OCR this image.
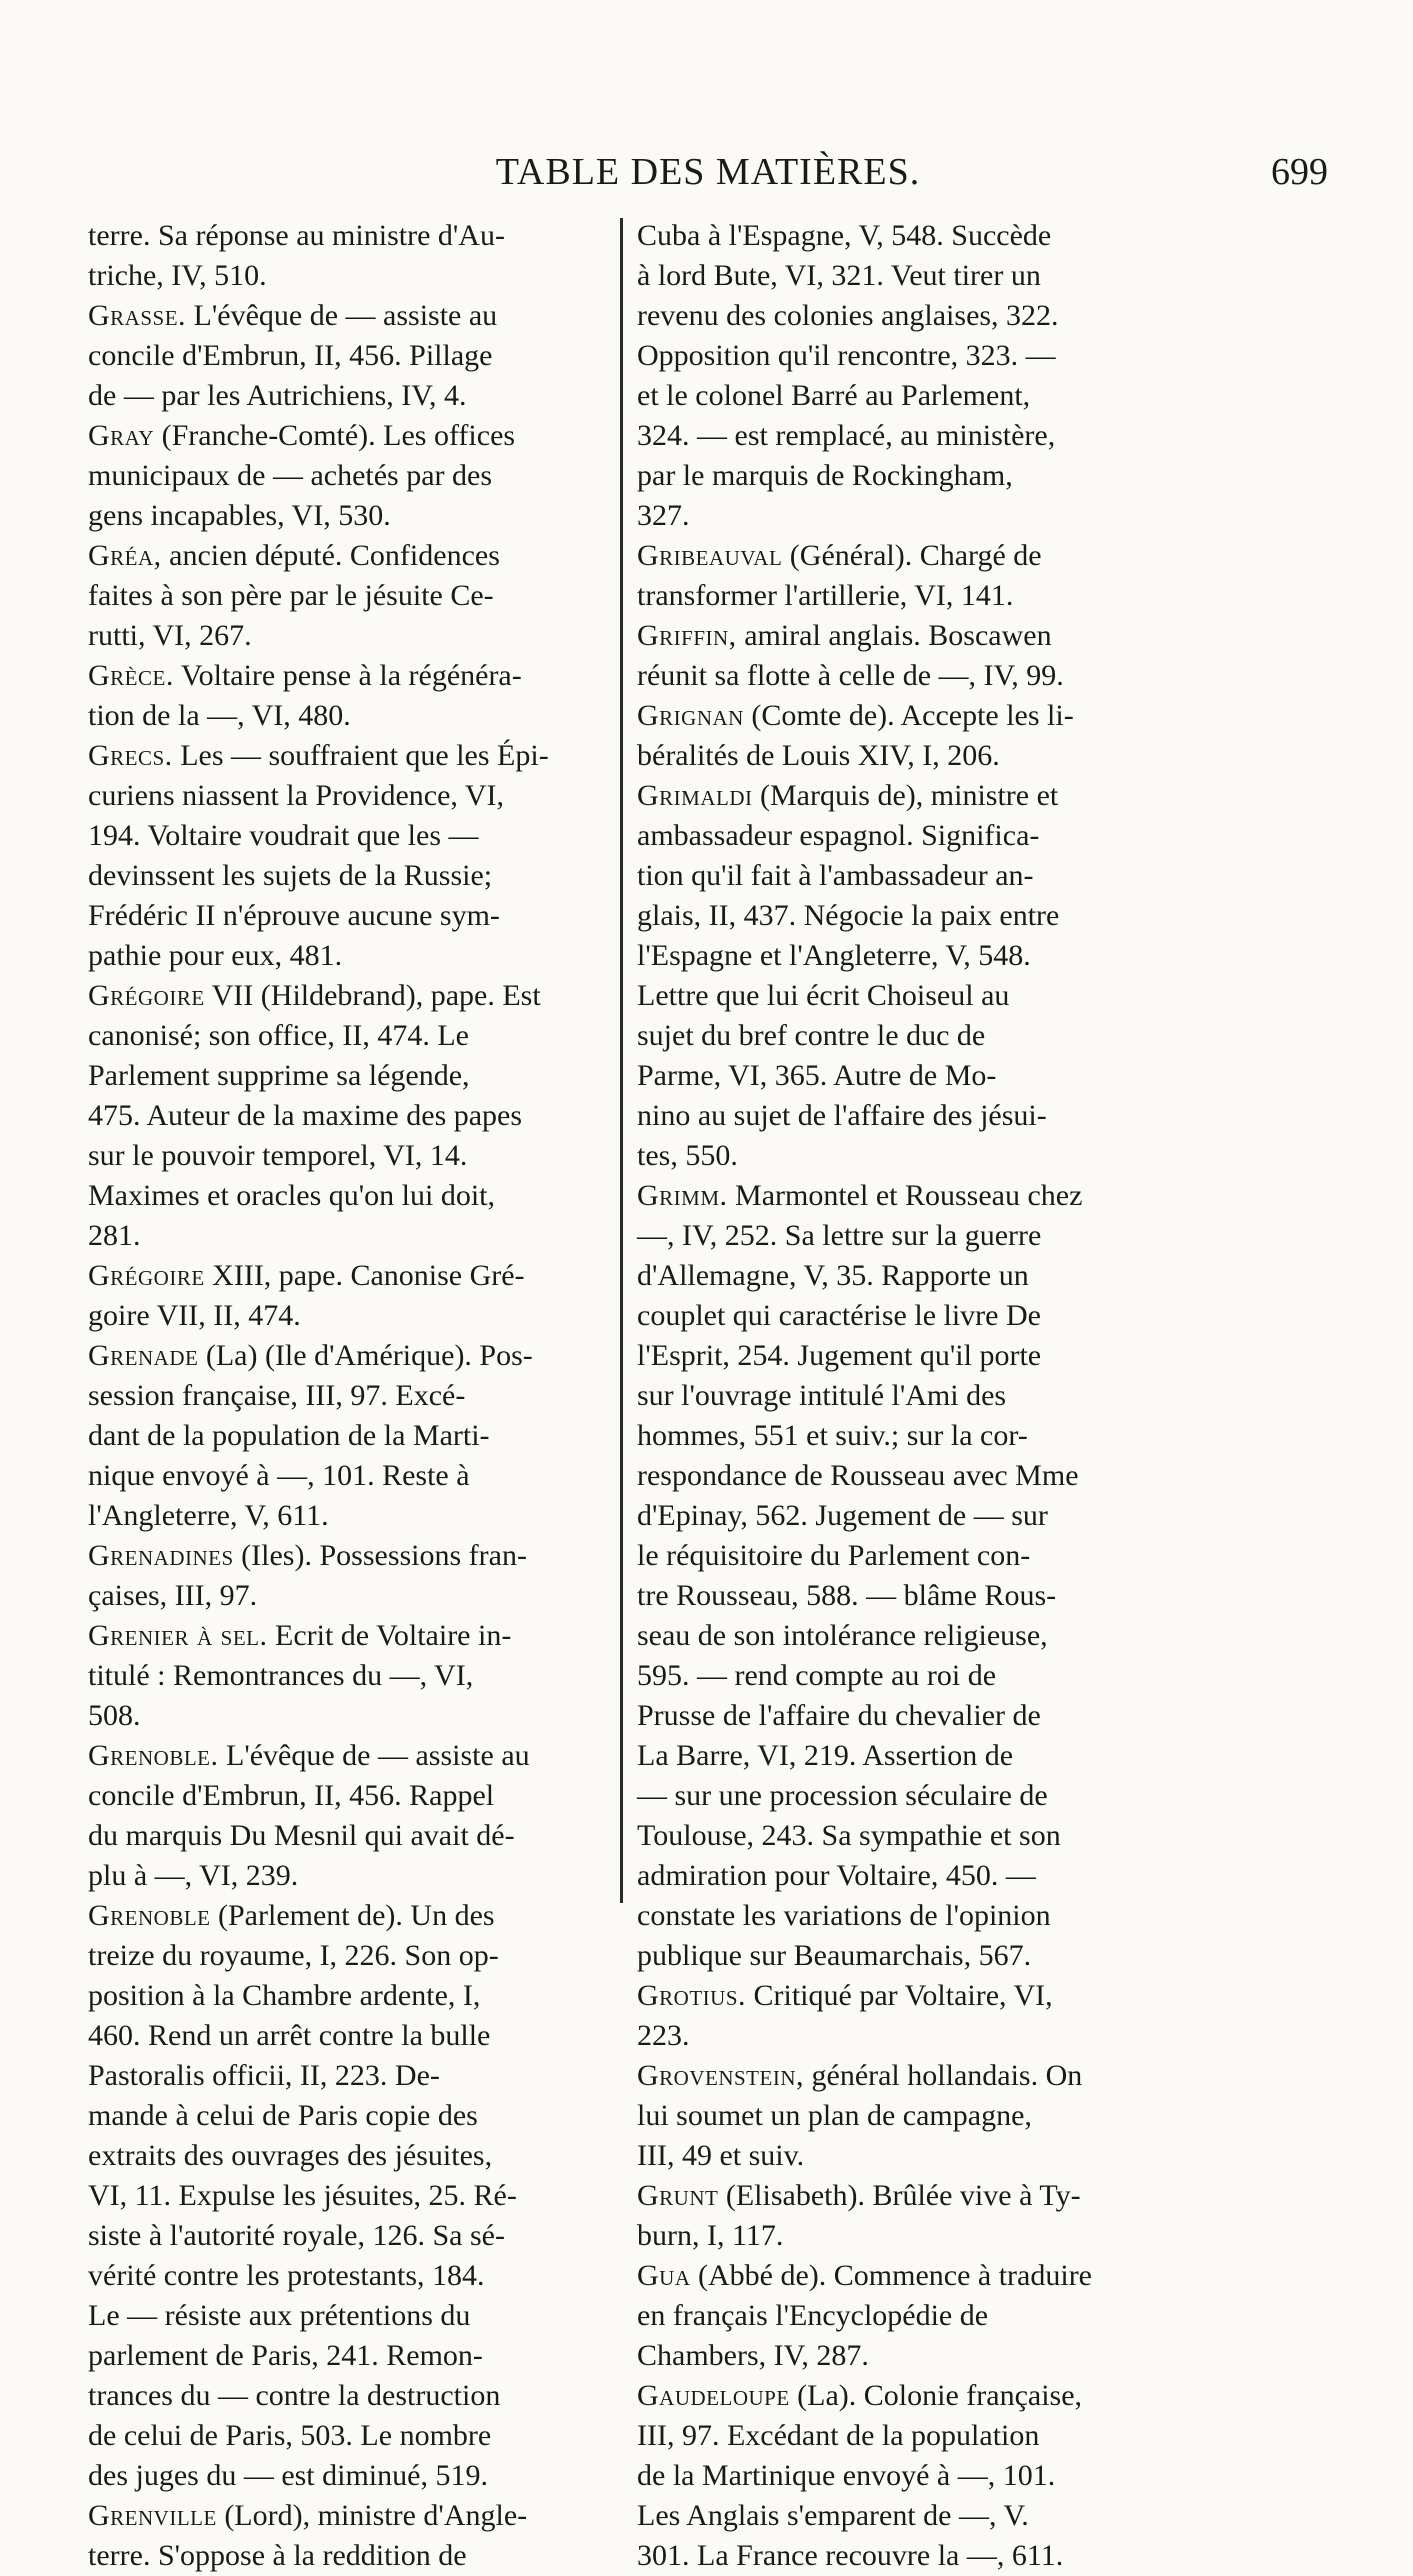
TABLE DES MATIÈRES.	699
terre. Sa réponse au ministre d'Au-
triche, IV, 510.
Grasse. L'évêque de — assiste au
concile d'Embrun, II, 456. Pillage
de — par les Autrichiens, IV, 4.
Gray (Franche-Comté). Les offices
municipaux de — achetés par des
gens incapables, VI, 530.
Gréa, ancien député. Confidences
faites à son père par le jésuite Ce-
rutti, VI, 267.
Grèce. Voltaire pense à la régénéra-
tion de la —, VI, 480.
Grecs. Les — souffraient que les Épi-
curiens niassent la Providence, VI,
194. Voltaire voudrait que les —
devinssent les sujets de la Russie;
Frédéric II n'éprouve aucune sym-
pathie pour eux, 481.
Grégoire VII (Hildebrand), pape. Est
canonisé; son office, II, 474. Le
Parlement supprime sa légende,
475. Auteur de la maxime des papes
sur le pouvoir temporel, VI, 14.
Maximes et oracles qu'on lui doit,
281.
Grégoire XIII, pape. Canonise Gré-
goire VII, II, 474.
Grenade (La) (Ile d'Amérique). Pos-
session française, III, 97. Excé-
dant de la population de la Marti-
nique envoyé à —, 101. Reste à
l'Angleterre, V, 611.
Grenadines (Iles). Possessions fran-
çaises, III, 97.
Grenier à sel. Ecrit de Voltaire in-
titulé : Remontrances du —, VI,
508.
Grenoble. L'évêque de — assiste au
concile d'Embrun, II, 456. Rappel
du marquis Du Mesnil qui avait dé-
plu à —, VI, 239.
Grenoble (Parlement de). Un des
treize du royaume, I, 226. Son op-
position à la Chambre ardente, I,
460. Rend un arrêt contre la bulle
Pastoralis officii, II, 223. De-
mande à celui de Paris copie des
extraits des ouvrages des jésuites,
VI, 11. Expulse les jésuites, 25. Ré-
siste à l'autorité royale, 126. Sa sé-
vérité contre les protestants, 184.
Le — résiste aux prétentions du
parlement de Paris, 241. Remon-
trances du — contre la destruction
de celui de Paris, 503. Le nombre
des juges du — est diminué, 519.
Grenville (Lord), ministre d'Angle-
terre. S'oppose à la reddition de
Cuba à l'Espagne, V, 548. Succède
à lord Bute, VI, 321. Veut tirer un
revenu des colonies anglaises, 322.
Opposition qu'il rencontre, 323. —
et le colonel Barré au Parlement,
324. — est remplacé, au ministère,
par le marquis de Rockingham,
327.
Gribeauval (Général). Chargé de
transformer l'artillerie, VI, 141.
Griffin, amiral anglais. Boscawen
réunit sa flotte à celle de —, IV, 99.
Grignan (Comte de). Accepte les li-
béralités de Louis XIV, I, 206.
Grimaldi (Marquis de), ministre et
ambassadeur espagnol. Significa-
tion qu'il fait à l'ambassadeur an-
glais, II, 437. Négocie la paix entre
l'Espagne et l'Angleterre, V, 548.
Lettre que lui écrit Choiseul au
sujet du bref contre le duc de
Parme, VI, 365. Autre de Mo-
nino au sujet de l'affaire des jésui-
tes, 550.
Grimm. Marmontel et Rousseau chez
—, IV, 252. Sa lettre sur la guerre
d'Allemagne, V, 35. Rapporte un
couplet qui caractérise le livre De
l'Esprit, 254. Jugement qu'il porte
sur l'ouvrage intitulé l'Ami des
hommes, 551 et suiv.; sur la cor-
respondance de Rousseau avec Mme
d'Epinay, 562. Jugement de — sur
le réquisitoire du Parlement con-
tre Rousseau, 588. — blâme Rous-
seau de son intolérance religieuse,
595. — rend compte au roi de
Prusse de l'affaire du chevalier de
La Barre, VI, 219. Assertion de
— sur une procession séculaire de
Toulouse, 243. Sa sympathie et son
admiration pour Voltaire, 450. —
constate les variations de l'opinion
publique sur Beaumarchais, 567.
Grotius. Critiqué par Voltaire, VI,
223.
Grovenstein, général hollandais. On
lui soumet un plan de campagne,
III, 49 et suiv.
Grunt (Elisabeth). Brûlée vive à Ty-
burn, I, 117.
Gua (Abbé de). Commence à traduire
en français l'Encyclopédie de
Chambers, IV, 287.
Gaudeloupe (La). Colonie française,
III, 97. Excédant de la population
de la Martinique envoyé à —, 101.
Les Anglais s'emparent de —, V.
301. La France recouvre la —, 611.
